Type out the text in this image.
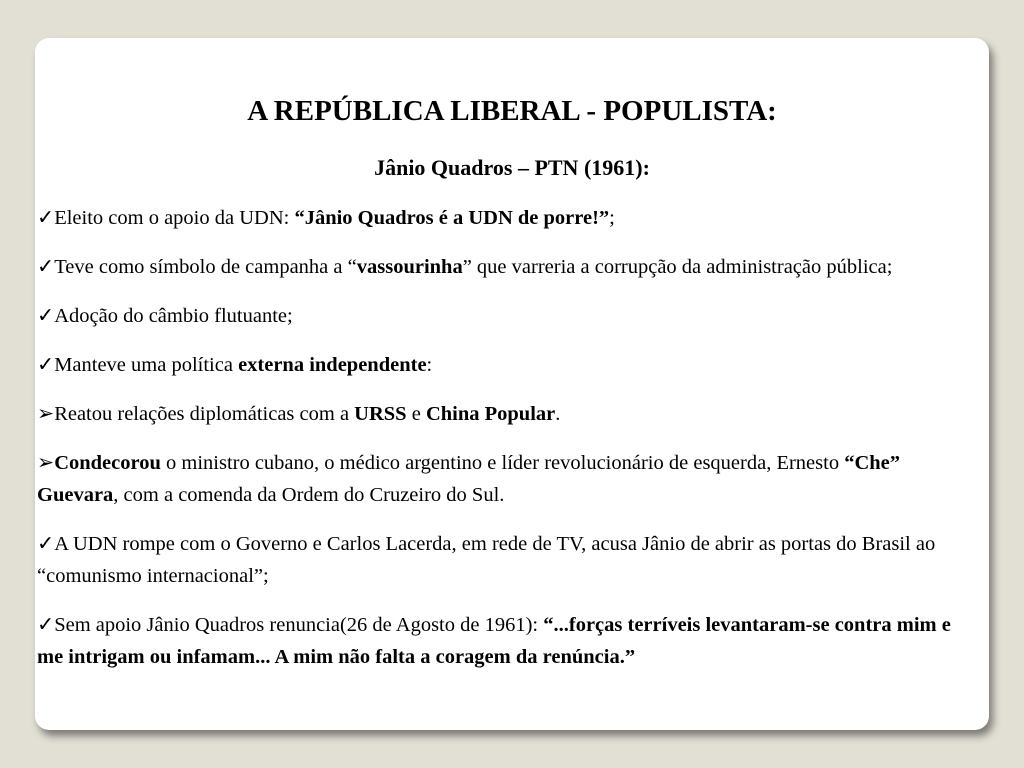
A REPÚBLICA LIBERAL - POPULISTA:
Jânio Quadros – PTN (1961):

✓Eleito com o apoio da UDN: “Jânio Quadros é a UDN de porre!”;

✓Teve como símbolo de campanha a “vassourinha” que varreria a corrupção da administração pública;

✓Adoção do câmbio flutuante;

✓Manteve uma política externa independente:

➢Reatou relações diplomáticas com a URSS e China Popular.

➢Condecorou o ministro cubano, o médico argentino e líder revolucionário de esquerda, Ernesto “Che” Guevara, com a comenda da Ordem do Cruzeiro do Sul.

✓A UDN rompe com o Governo e Carlos Lacerda, em rede de TV, acusa Jânio de abrir as portas do Brasil ao “comunismo internacional”;

✓Sem apoio Jânio Quadros renuncia(26 de Agosto de 1961): “...forças terríveis levantaram-se contra mim e me intrigam ou infamam... A mim não falta a coragem da renúncia.”
